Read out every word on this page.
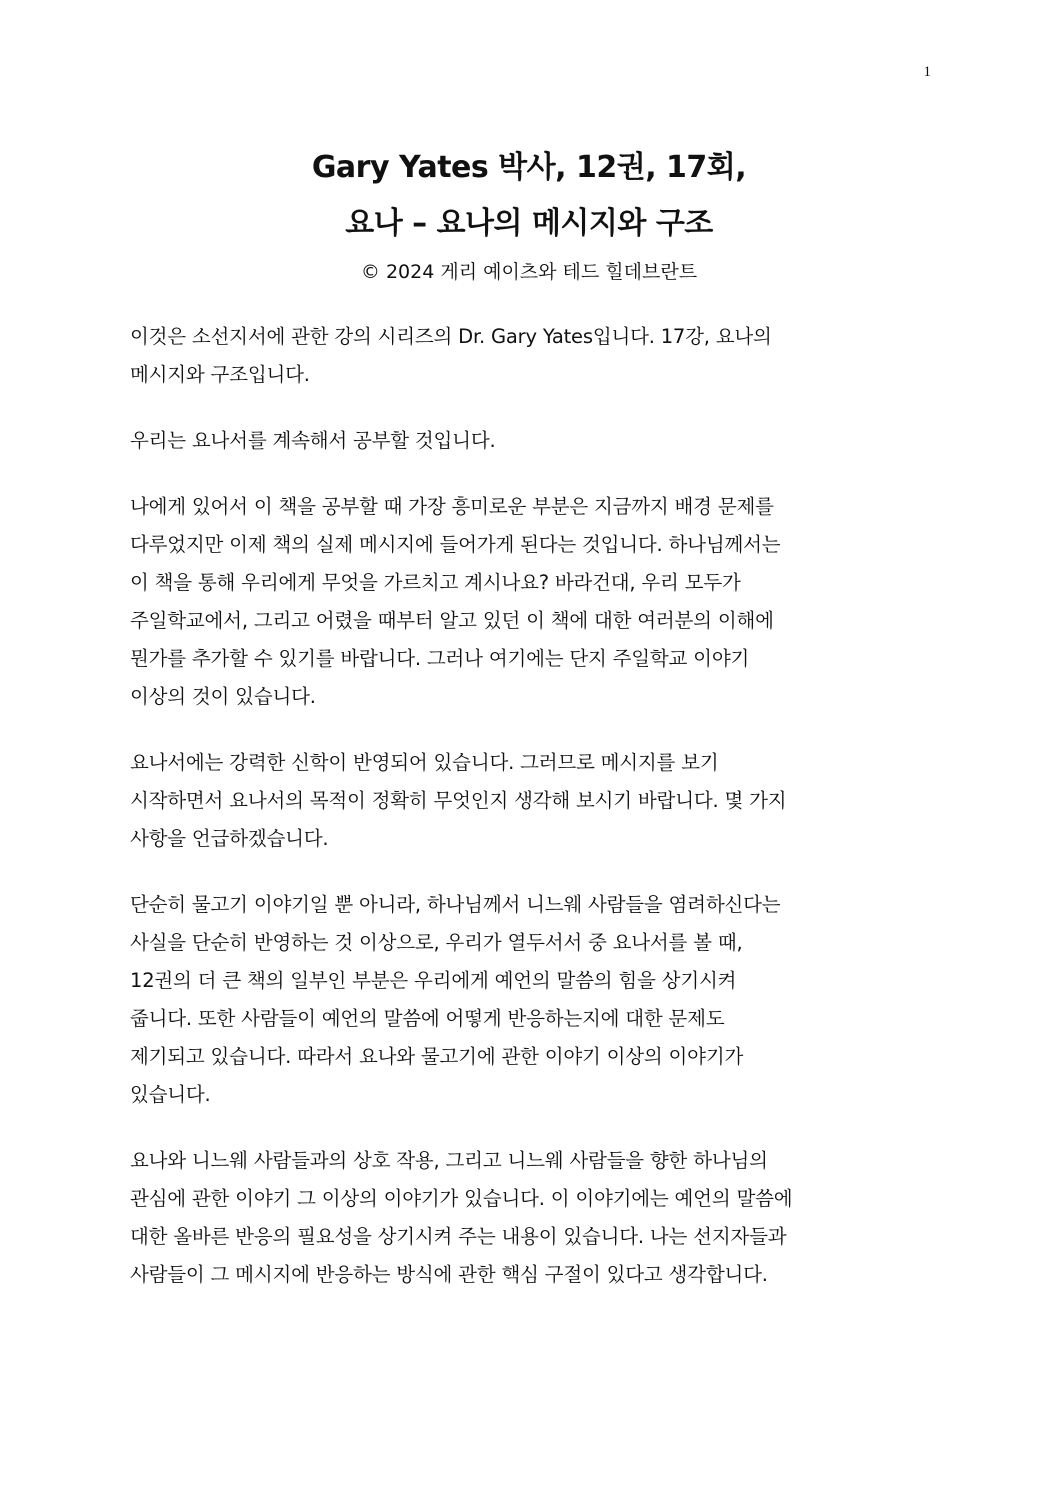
1
Gary Yates 박사, 12권, 17회,
요나 – 요나의 메시지와 구조
© 2024 게리 예이츠와 테드 힐데브란트
이것은 소선지서에 관한 강의 시리즈의 Dr. Gary Yates입니다. 17강, 요나의
메시지와 구조입니다.
우리는 요나서를 계속해서 공부할 것입니다.
나에게 있어서 이 책을 공부할 때 가장 흥미로운 부분은 지금까지 배경 문제를
다루었지만 이제 책의 실제 메시지에 들어가게 된다는 것입니다. 하나님께서는
이 책을 통해 우리에게 무엇을 가르치고 계시나요? 바라건대, 우리 모두가
주일학교에서, 그리고 어렸을 때부터 알고 있던 이 책에 대한 여러분의 이해에
뭔가를 추가할 수 있기를 바랍니다. 그러나 여기에는 단지 주일학교 이야기
이상의 것이 있습니다.
요나서에는 강력한 신학이 반영되어 있습니다. 그러므로 메시지를 보기
시작하면서 요나서의 목적이 정확히 무엇인지 생각해 보시기 바랍니다. 몇 가지
사항을 언급하겠습니다.
단순히 물고기 이야기일 뿐 아니라, 하나님께서 니느웨 사람들을 염려하신다는
사실을 단순히 반영하는 것 이상으로, 우리가 열두서서 중 요나서를 볼 때,
12권의 더 큰 책의 일부인 부분은 우리에게 예언의 말씀의 힘을 상기시켜
줍니다. 또한 사람들이 예언의 말씀에 어떻게 반응하는지에 대한 문제도
제기되고 있습니다. 따라서 요나와 물고기에 관한 이야기 이상의 이야기가
있습니다.
요나와 니느웨 사람들과의 상호 작용, 그리고 니느웨 사람들을 향한 하나님의
관심에 관한 이야기 그 이상의 이야기가 있습니다. 이 이야기에는 예언의 말씀에
대한 올바른 반응의 필요성을 상기시켜 주는 내용이 있습니다. 나는 선지자들과
사람들이 그 메시지에 반응하는 방식에 관한 핵심 구절이 있다고 생각합니다.
